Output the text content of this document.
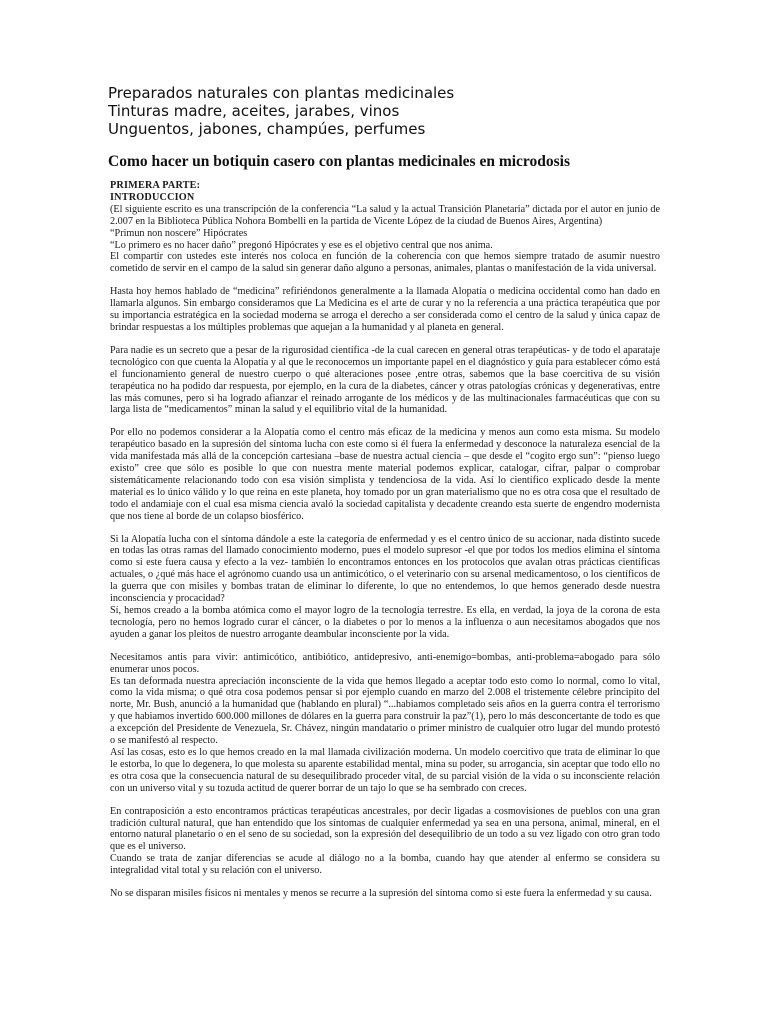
Preparados naturales con plantas medicinales
Tinturas madre, aceites, jarabes, vinos
Unguentos, jabones, champúes, perfumes
Como hacer un botiquin casero con plantas medicinales en microdosis

PRIMERA PARTE:
INTRODUCCION
(El siguiente escrito es una transcripción de la conferencia “La salud y la actual Transición Planetaria” dictada por el autor en junio de 2.007 en la Biblioteca Pública Nohora Bombelli en la partida de Vicente López de la ciudad de Buenos Aires, Argentina)
“Primun non noscere” Hipócrates
“Lo primero es no hacer daño” pregonó Hipócrates y ese es el objetivo central que nos anima.
El compartir con ustedes este interés nos coloca en función de la coherencia con que hemos siempre tratado de asumir nuestro cometido de servir en el campo de la salud sin generar daño alguno a personas, animales, plantas o manifestación de la vida universal.

Hasta hoy hemos hablado de “medicina” refiriéndonos generalmente a la llamada Alopatía o medicina occidental como han dado en llamarla algunos. Sin embargo consideramos que La Medicina es el arte de curar y no la referencia a una práctica terapéutica que por su importancia estratégica en la sociedad moderna se arroga el derecho a ser considerada como el centro de la salud y única capaz de brindar respuestas a los múltiples problemas que aquejan a la humanidad y al planeta en general.

Para nadie es un secreto que a pesar de la rigurosidad científica -de la cual carecen en general otras terapéuticas- y de todo el aparataje tecnológico con que cuenta la Alopatía y al que le reconocemos un importante papel en el diagnóstico y guía para establecer cómo está el funcionamiento general de nuestro cuerpo o qué alteraciones posee ,entre otras, sabemos que la base coercitiva de su visión terapéutica no ha podido dar respuesta, por ejemplo, en la cura de la diabetes, cáncer y otras patologías crónicas y degenerativas, entre las más comunes, pero si ha logrado afianzar el reinado arrogante de los médicos y de las multinacionales farmacéuticas que con su larga lista de “medicamentos” minan la salud y el equilibrio vital de la humanidad.

Por ello no podemos considerar a la Alopatía como el centro más eficaz de la medicina y menos aun como esta misma. Su modelo terapéutico basado en la supresión del síntoma lucha con este como si él fuera la enfermedad y desconoce la naturaleza esencial de la vida manifestada más allá de la concepción cartesiana –base de nuestra actual ciencia – que desde el “cogito ergo sun”: “pienso luego existo” cree que sólo es posible lo que con nuestra mente material podemos explicar, catalogar, cifrar, palpar o comprobar sistemáticamente relacionando todo con esa visión simplista y tendenciosa de la vida. Así lo científico explicado desde la mente material es lo único válido y lo que reina en este planeta, hoy tomado por un gran materialismo que no es otra cosa que el resultado de todo el andamiaje con el cual esa misma ciencia avaló la sociedad capitalista y decadente creando esta suerte de engendro modernista que nos tiene al borde de un colapso biosférico.

Si la Alopatía lucha con el síntoma dándole a este la categoría de enfermedad y es el centro único de su accionar, nada distinto sucede en todas las otras ramas del llamado conocimiento moderno, pues el modelo supresor -el que por todos los medios elimina el síntoma como si este fuera causa y efecto a la vez- también lo encontramos entonces en los protocolos que avalan otras prácticas científicas actuales, o ¿qué más hace el agrónomo cuando usa un antimicótico, o el veterinario con su arsenal medicamentoso, o los científicos de la guerra que con misiles y bombas tratan de eliminar lo diferente, lo que no entendemos, lo que hemos generado desde nuestra inconsciencia y procacidad?

Sí, hemos creado a la bomba atómica como el mayor logro de la tecnología terrestre. Es ella, en verdad, la joya de la corona de esta tecnología, pero no hemos logrado curar el cáncer, o la diabetes o por lo menos a la influenza o aun necesitamos abogados que nos ayuden a ganar los pleitos de nuestro arrogante deambular inconsciente por la vida.

Necesitamos antis para vivir: antimicótico, antibiótico, antidepresivo, anti-enemigo=bombas, anti-problema=abogado para sólo enumerar unos pocos.

Es tan deformada nuestra apreciación inconsciente de la vida que hemos llegado a aceptar todo esto como lo normal, como lo vital, como la vida misma; o qué otra cosa podemos pensar si por ejemplo cuando en marzo del 2.008 el tristemente célebre principito del norte, Mr. Bush, anunció a la humanidad que (hablando en plural) “...habiamos completado seis años en la guerra contra el terrorismo y que habiamos invertido 600.000 millones de dólares en la guerra para construir la paz”(1), pero lo más desconcertante de todo es que a excepción del Presidente de Venezuela, Sr. Chávez, ningún mandatario o primer ministro de cualquier otro lugar del mundo protestó o se manifestó al respecto.

Así las cosas, esto es lo que hemos creado en la mal llamada civilización moderna. Un modelo coercitivo que trata de eliminar lo que le estorba, lo que lo degenera, lo que molesta su aparente estabilidad mental, mina su poder, su arrogancia, sin aceptar que todo ello no es otra cosa que la consecuencia natural de su desequilibrado proceder vital, de su parcial visión de la vida o su inconsciente relación con un universo vital y su tozuda actitud de querer borrar de un tajo lo que se ha sembrado con creces.

En contraposición a esto encontramos prácticas terapéuticas ancestrales, por decir ligadas a cosmovisiones de pueblos con una gran tradición cultural natural, que han entendido que los síntomas de cualquier enfermedad ya sea en una persona, animal, mineral, en el entorno natural planetario o en el seno de su sociedad, son la expresión del desequilibrio de un todo a su vez ligado con otro gran todo que es el universo.

Cuando se trata de zanjar diferencias se acude al diálogo no a la bomba, cuando hay que atender al enfermo se considera su integralidad vital total y su relación con el universo.

No se disparan misiles físicos ni mentales y menos se recurre a la supresión del síntoma como si este fuera la enfermedad y su causa.
